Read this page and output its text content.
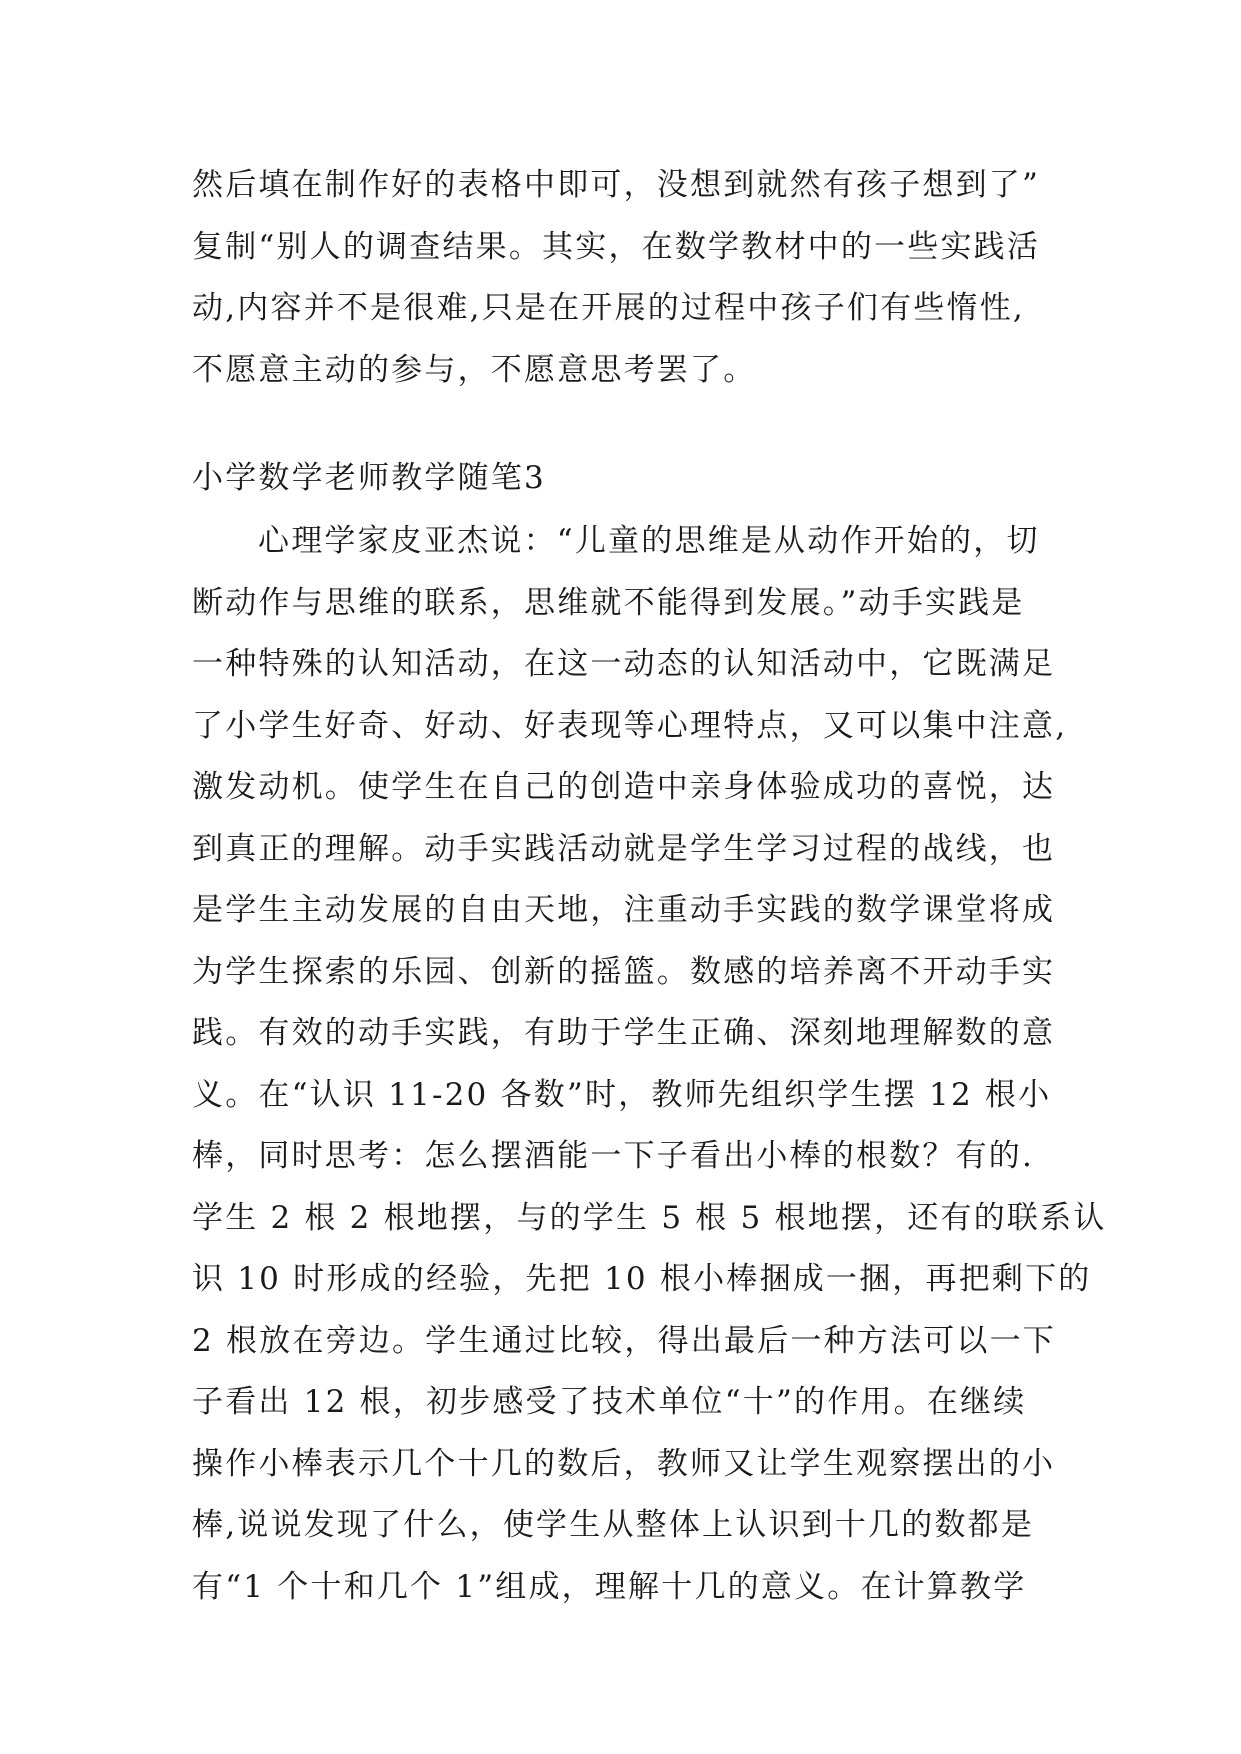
然后填在制作好的表格中即可，没想到就然有孩子想到了”
复制“别人的调查结果。其实，在数学教材中的一些实践活
动,内容并不是很难,只是在开展的过程中孩子们有些惰性,
不愿意主动的参与，不愿意思考罢了。
小学数学老师教学随笔3
心理学家皮亚杰说：“儿童的思维是从动作开始的，切
断动作与思维的联系，思维就不能得到发展。”动手实践是
一种特殊的认知活动，在这一动态的认知活动中，它既满足
了小学生好奇、好动、好表现等心理特点，又可以集中注意,
激发动机。使学生在自己的创造中亲身体验成功的喜悦，达
到真正的理解。动手实践活动就是学生学习过程的战线，也
是学生主动发展的自由天地，注重动手实践的数学课堂将成
为学生探索的乐园、创新的摇篮。数感的培养离不开动手实
践。有效的动手实践，有助于学生正确、深刻地理解数的意
义。在“认识 11-20 各数”时，教师先组织学生摆 12 根小
棒，同时思考：怎么摆酒能一下子看出小棒的根数？有的.
学生 2 根 2 根地摆，与的学生 5 根 5 根地摆，还有的联系认
识 10 时形成的经验，先把 10 根小棒捆成一捆，再把剩下的
2 根放在旁边。学生通过比较，得出最后一种方法可以一下
子看出 12 根，初步感受了技术单位“十”的作用。在继续
操作小棒表示几个十几的数后，教师又让学生观察摆出的小
棒,说说发现了什么，使学生从整体上认识到十几的数都是
有“1 个十和几个 1”组成，理解十几的意义。在计算教学
